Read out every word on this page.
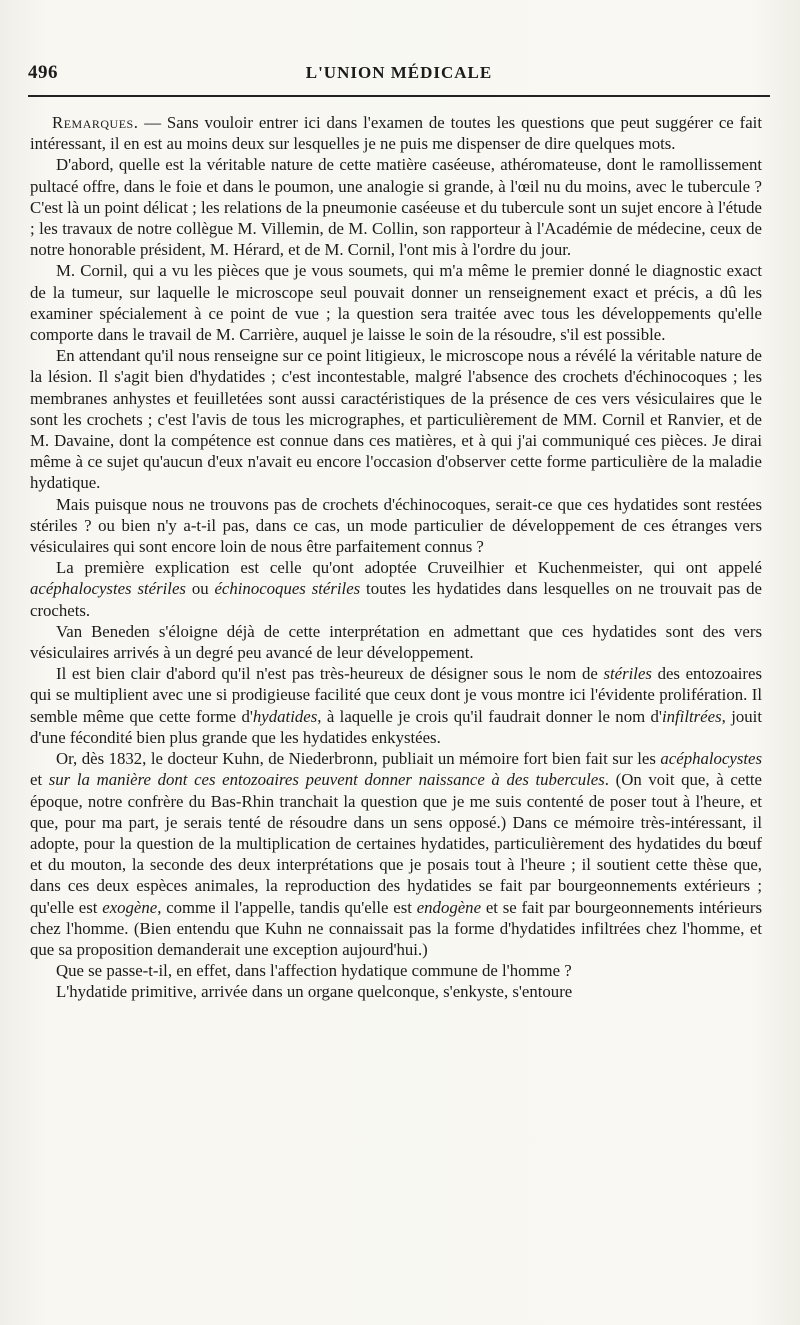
496	L'UNION MÉDICALE

Remarques. — Sans vouloir entrer ici dans l'examen de toutes les questions que peut suggérer ce fait intéressant, il en est au moins deux sur lesquelles je ne puis me dispenser de dire quelques mots.

D'abord, quelle est la véritable nature de cette matière caséeuse, athéromateuse, dont le ramollissement pultacé offre, dans le foie et dans le poumon, une analogie si grande, à l'œil nu du moins, avec le tubercule ? C'est là un point délicat ; les relations de la pneumonie caséeuse et du tubercule sont un sujet encore à l'étude ; les travaux de notre collègue M. Villemin, de M. Collin, son rapporteur à l'Académie de médecine, ceux de notre honorable président, M. Hérard, et de M. Cornil, l'ont mis à l'ordre du jour.

M. Cornil, qui a vu les pièces que je vous soumets, qui m'a même le premier donné le diagnostic exact de la tumeur, sur laquelle le microscope seul pouvait donner un renseignement exact et précis, a dû les examiner spécialement à ce point de vue ; la question sera traitée avec tous les développements qu'elle comporte dans le travail de M. Carrière, auquel je laisse le soin de la résoudre, s'il est possible.

En attendant qu'il nous renseigne sur ce point litigieux, le microscope nous a révélé la véritable nature de la lésion. Il s'agit bien d'hydatides ; c'est incontestable, malgré l'absence des crochets d'échinocoques ; les membranes anhystes et feuilletées sont aussi caractéristiques de la présence de ces vers vésiculaires que le sont les crochets ; c'est l'avis de tous les micrographes, et particulièrement de MM. Cornil et Ranvier, et de M. Davaine, dont la compétence est connue dans ces matières, et à qui j'ai communiqué ces pièces. Je dirai même à ce sujet qu'aucun d'eux n'avait eu encore l'occasion d'observer cette forme particulière de la maladie hydatique.

Mais puisque nous ne trouvons pas de crochets d'échinocoques, serait-ce que ces hydatides sont restées stériles ? ou bien n'y a-t-il pas, dans ce cas, un mode particulier de développement de ces étranges vers vésiculaires qui sont encore loin de nous être parfaitement connus ?

La première explication est celle qu'ont adoptée Cruveilhier et Kuchenmeister, qui ont appelé acéphalocystes stériles ou échinocoques stériles toutes les hydatides dans lesquelles on ne trouvait pas de crochets.

Van Beneden s'éloigne déjà de cette interprétation en admettant que ces hydatides sont des vers vésiculaires arrivés à un degré peu avancé de leur développement.

Il est bien clair d'abord qu'il n'est pas très-heureux de désigner sous le nom de stériles des entozoaires qui se multiplient avec une si prodigieuse facilité que ceux dont je vous montre ici l'évidente prolifération. Il semble même que cette forme d'hydatides, à laquelle je crois qu'il faudrait donner le nom d'infiltrées, jouit d'une fécondité bien plus grande que les hydatides enkystées.

Or, dès 1832, le docteur Kuhn, de Niederbronn, publiait un mémoire fort bien fait sur les acéphalocystes et sur la manière dont ces entozoaires peuvent donner naissance à des tubercules. (On voit que, à cette époque, notre confrère du Bas-Rhin tranchait la question que je me suis contenté de poser tout à l'heure, et que, pour ma part, je serais tenté de résoudre dans un sens opposé.) Dans ce mémoire très-intéressant, il adopte, pour la question de la multiplication de certaines hydatides, particulièrement des hydatides du bœuf et du mouton, la seconde des deux interprétations que je posais tout à l'heure ; il soutient cette thèse que, dans ces deux espèces animales, la reproduction des hydatides se fait par bourgeonnements extérieurs ; qu'elle est exogène, comme il l'appelle, tandis qu'elle est endogène et se fait par bourgeonnements intérieurs chez l'homme. (Bien entendu que Kuhn ne connaissait pas la forme d'hydatides infiltrées chez l'homme, et que sa proposition demanderait une exception aujourd'hui.)

Que se passe-t-il, en effet, dans l'affection hydatique commune de l'homme ?

L'hydatide primitive, arrivée dans un organe quelconque, s'enkyste, s'entoure
